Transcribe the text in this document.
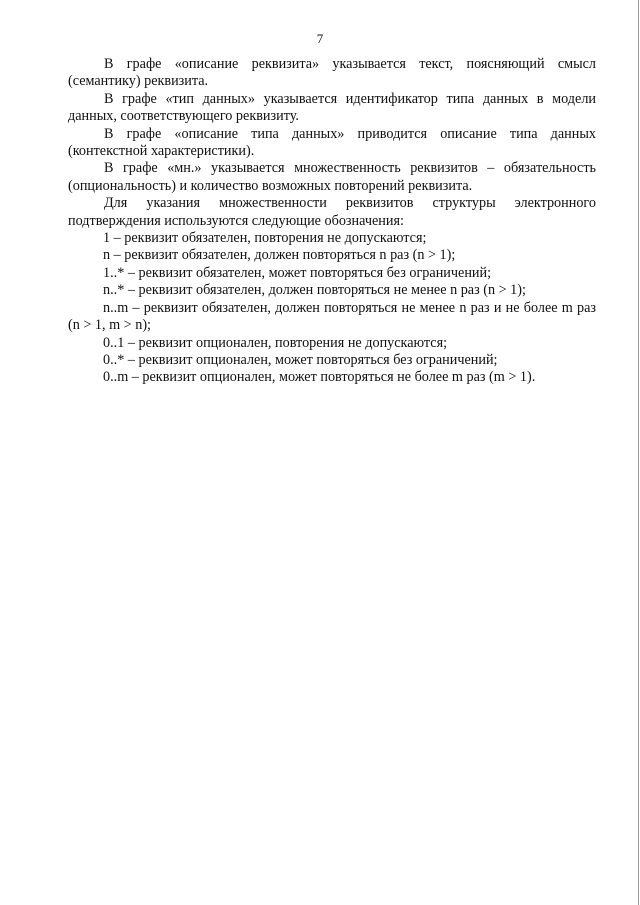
7

В графе «описание реквизита» указывается текст, поясняющий смысл (семантику) реквизита.

В графе «тип данных» указывается идентификатор типа данных в модели данных, соответствующего реквизиту.

В графе «описание типа данных» приводится описание типа данных (контекстной характеристики).

В графе «мн.» указывается множественность реквизитов – обязательность (опциональность) и количество возможных повторений реквизита.

Для указания множественности реквизитов структуры электронного подтверждения используются следующие обозначения:

1 – реквизит обязателен, повторения не допускаются;

n – реквизит обязателен, должен повторяться n раз (n > 1);

1..* – реквизит обязателен, может повторяться без ограничений;

n..* – реквизит обязателен, должен повторяться не менее n раз (n > 1);

n..m – реквизит обязателен, должен повторяться не менее n раз и не более m раз (n > 1, m > n);

0..1 – реквизит опционален, повторения не допускаются;

0..* – реквизит опционален, может повторяться без ограничений;

0..m – реквизит опционален, может повторяться не более m раз (m > 1).
